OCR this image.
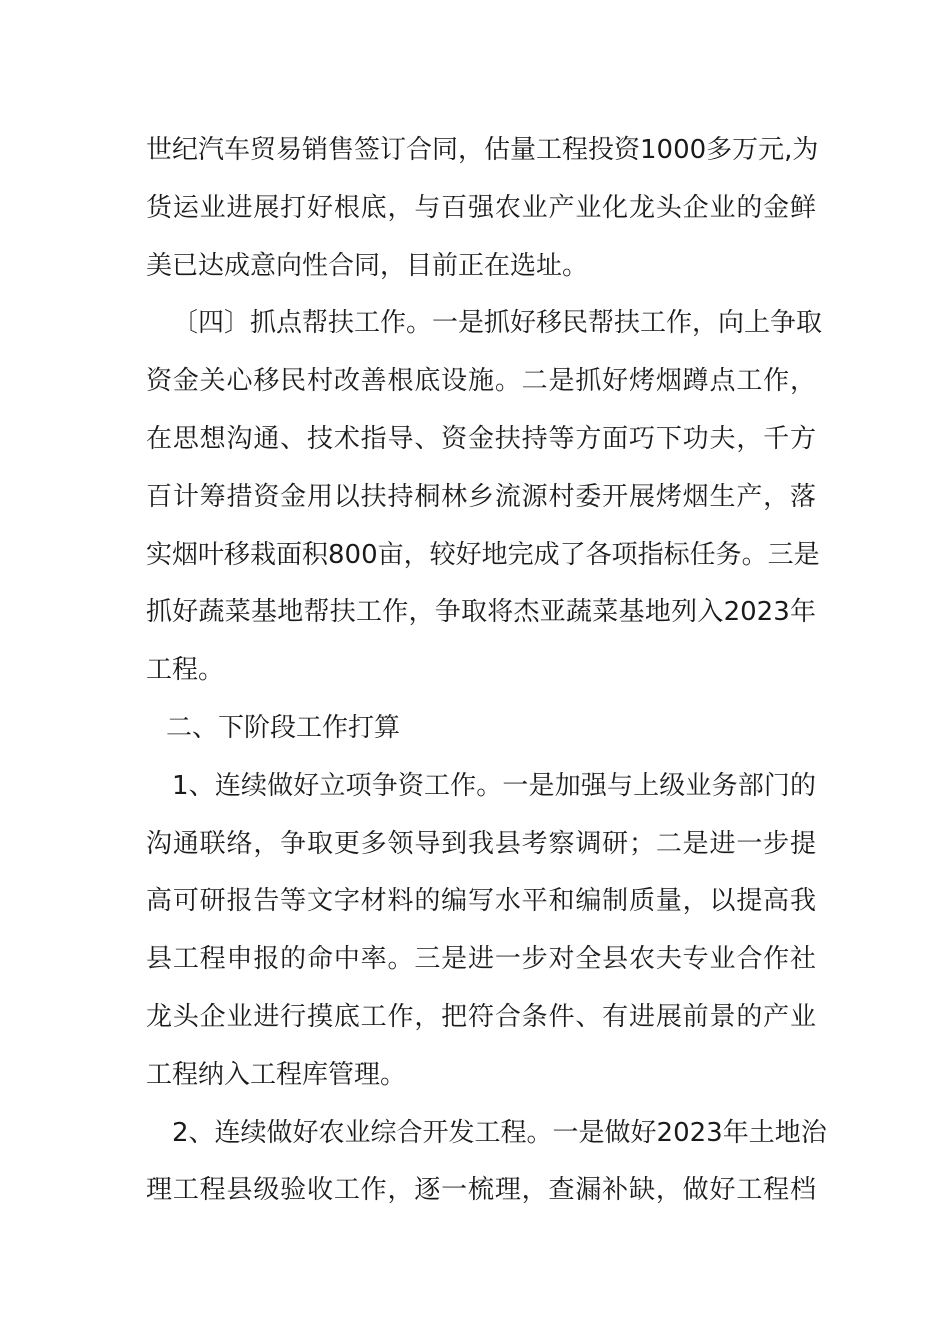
世纪汽车贸易销售签订合同，估量工程投资1000多万元,为
货运业进展打好根底，与百强农业产业化龙头企业的金鲜
美已达成意向性合同，目前正在选址。
〔四〕抓点帮扶工作。一是抓好移民帮扶工作，向上争取
资金关心移民村改善根底设施。二是抓好烤烟蹲点工作，
在思想沟通、技术指导、资金扶持等方面巧下功夫，千方
百计筹措资金用以扶持桐林乡流源村委开展烤烟生产，落
实烟叶移栽面积800亩，较好地完成了各项指标任务。三是
抓好蔬菜基地帮扶工作，争取将杰亚蔬菜基地列入2023年
工程。
二、下阶段工作打算
1、连续做好立项争资工作。一是加强与上级业务部门的
沟通联络，争取更多领导到我县考察调研；二是进一步提
高可研报告等文字材料的编写水平和编制质量，以提高我
县工程申报的命中率。三是进一步对全县农夫专业合作社
龙头企业进行摸底工作，把符合条件、有进展前景的产业
工程纳入工程库管理。
2、连续做好农业综合开发工程。一是做好2023年土地治
理工程县级验收工作，逐一梳理，查漏补缺，做好工程档
